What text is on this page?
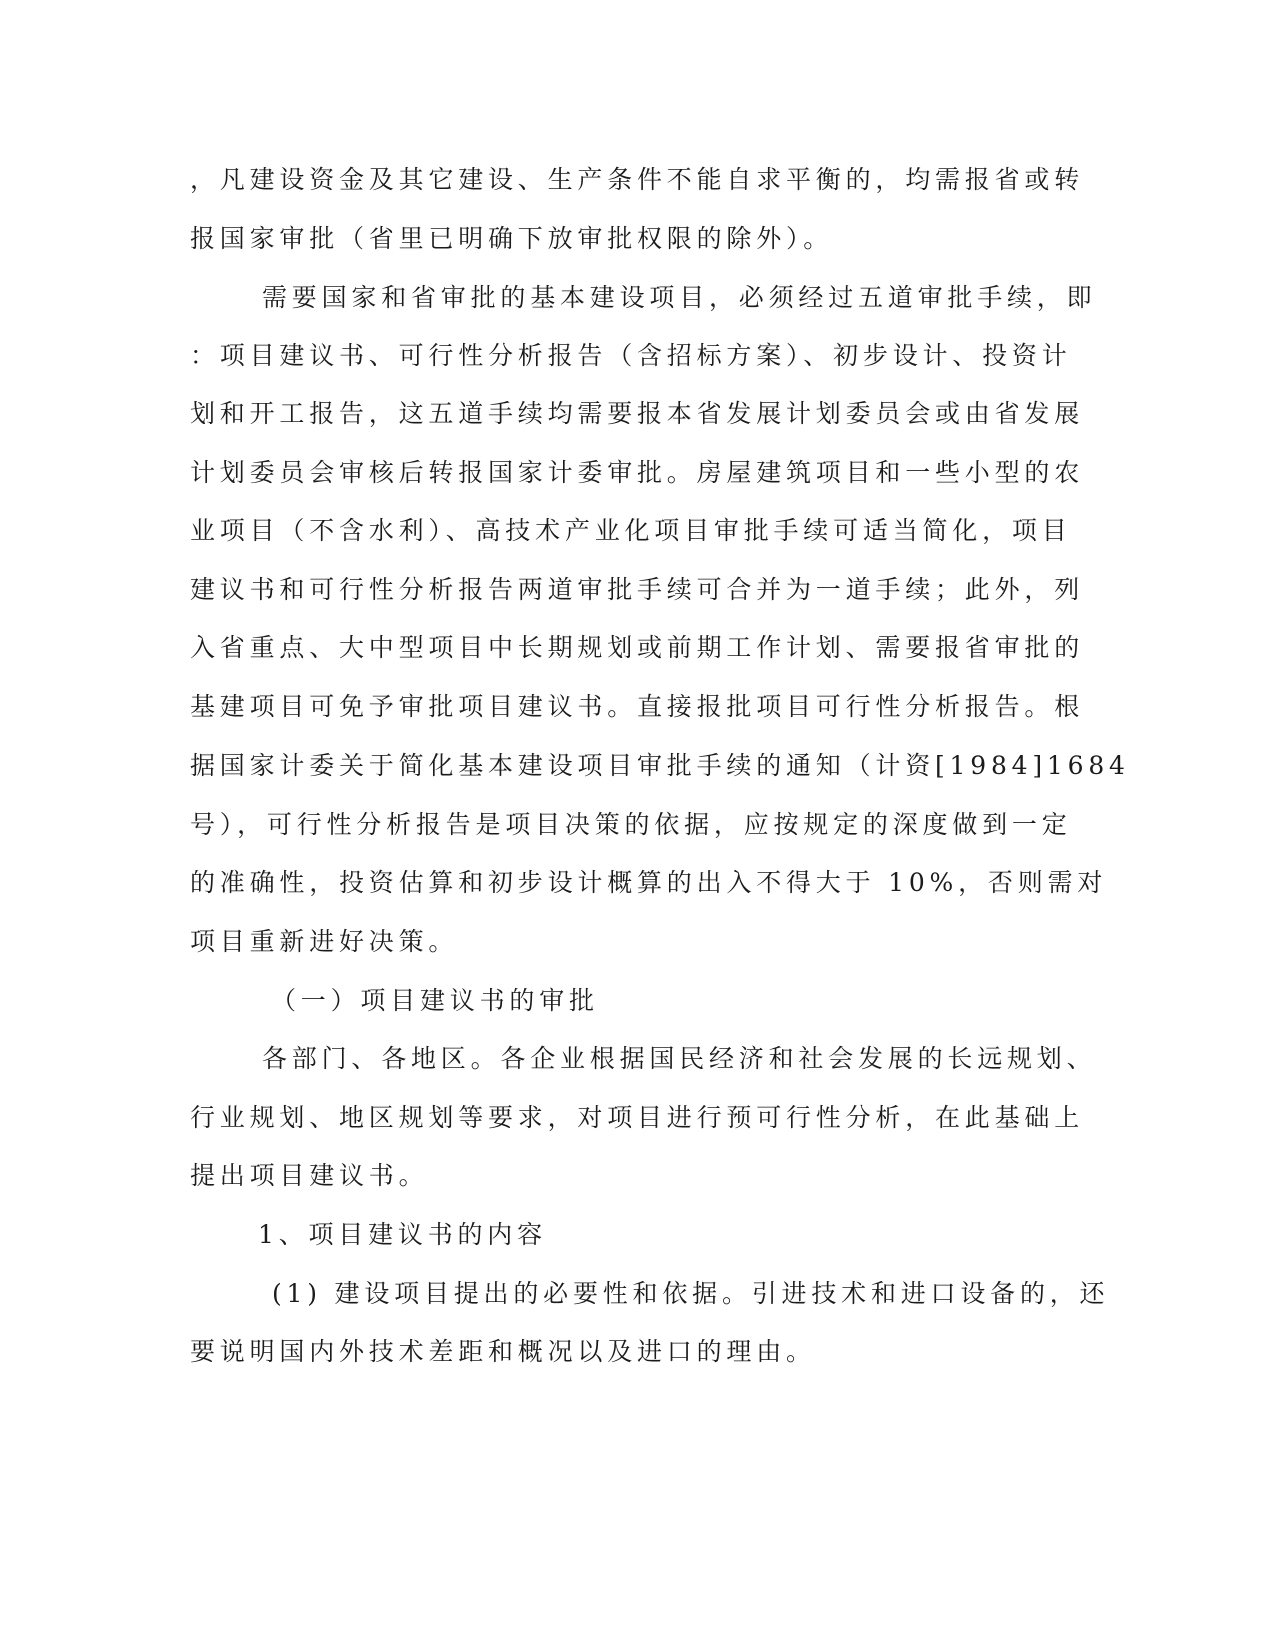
，凡建设资金及其它建设、生产条件不能自求平衡的，均需报省或转

报国家审批（省里已明确下放审批权限的除外）。

需要国家和省审批的基本建设项目，必须经过五道审批手续，即

：项目建议书、可行性分析报告（含招标方案）、初步设计、投资计

划和开工报告，这五道手续均需要报本省发展计划委员会或由省发展

计划委员会审核后转报国家计委审批。房屋建筑项目和一些小型的农

业项目（不含水利）、高技术产业化项目审批手续可适当简化，项目

建议书和可行性分析报告两道审批手续可合并为一道手续；此外，列

入省重点、大中型项目中长期规划或前期工作计划、需要报省审批的

基建项目可免予审批项目建议书。直接报批项目可行性分析报告。根

据国家计委关于简化基本建设项目审批手续的通知（计资[1984]1684

号），可行性分析报告是项目决策的依据，应按规定的深度做到一定

的准确性，投资估算和初步设计概算的出入不得大于 10%，否则需对

项目重新进好决策。

（一）项目建议书的审批

各部门、各地区。各企业根据国民经济和社会发展的长远规划、

行业规划、地区规划等要求，对项目进行预可行性分析，在此基础上

提出项目建议书。

1、项目建议书的内容

(1) 建设项目提出的必要性和依据。引进技术和进口设备的，还

要说明国内外技术差距和概况以及进口的理由。
